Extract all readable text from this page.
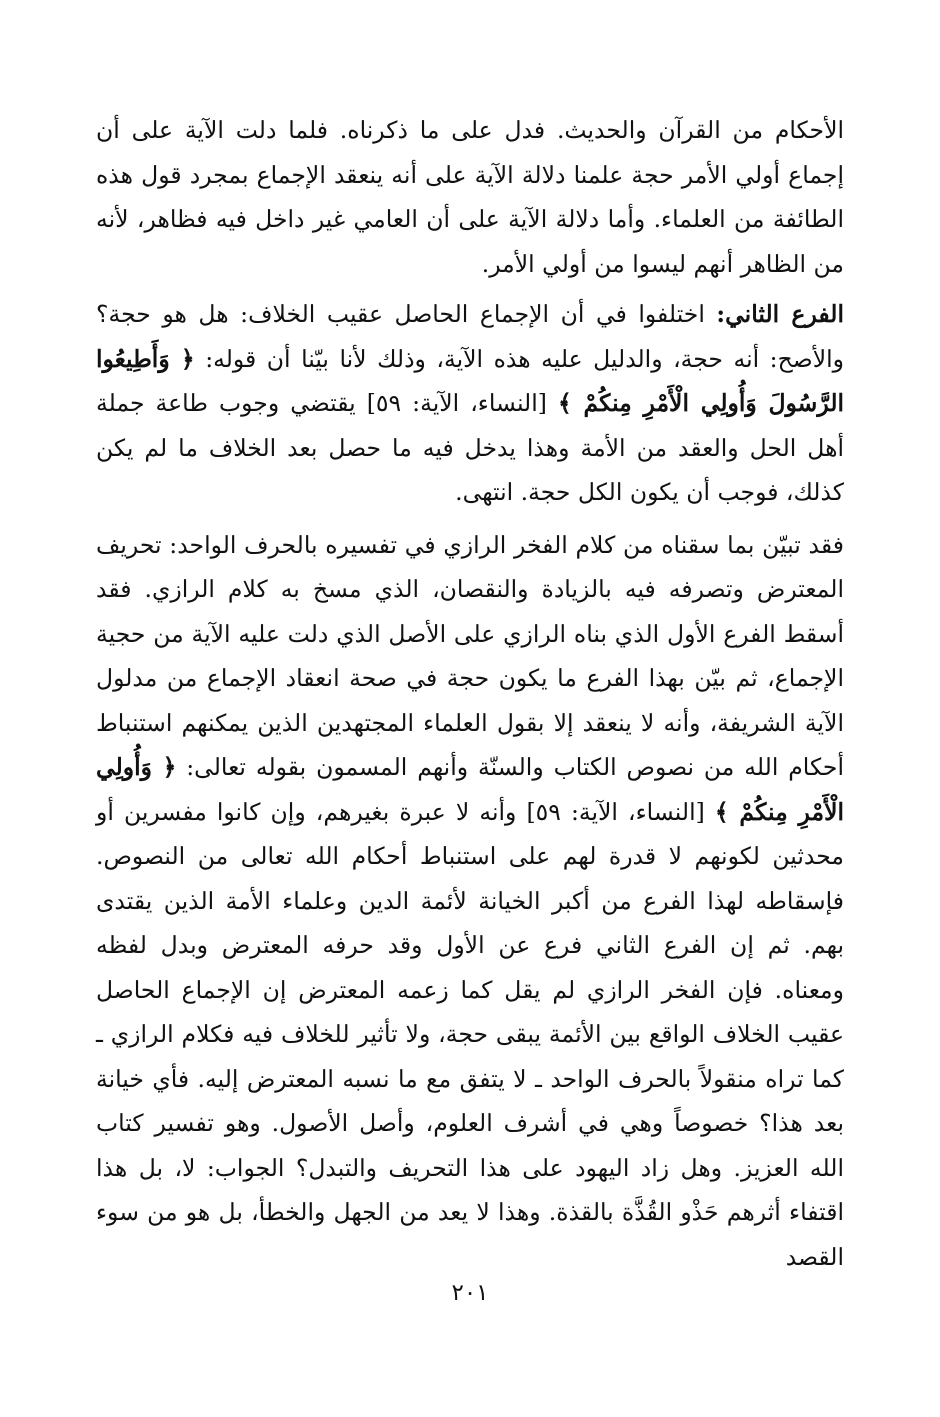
الأحكام من القرآن والحديث. فدل على ما ذكرناه. فلما دلت الآية على أن إجماع أولي الأمر حجة علمنا دلالة الآية على أنه ينعقد الإجماع بمجرد قول هذه الطائفة من العلماء. وأما دلالة الآية على أن العامي غير داخل فيه فظاهر، لأنه من الظاهر أنهم ليسوا من أولي الأمر.

الفرع الثاني: اختلفوا في أن الإجماع الحاصل عقيب الخلاف: هل هو حجة؟ والأصح: أنه حجة، والدليل عليه هذه الآية، وذلك لأنا بيّنا أن قوله: ﴿ وَأَطِيعُوا الرَّسُولَ وَأُولِي الْأَمْرِ مِنكُمْ ﴾ [النساء، الآية: ٥٩] يقتضي وجوب طاعة جملة أهل الحل والعقد من الأمة وهذا يدخل فيه ما حصل بعد الخلاف ما لم يكن كذلك، فوجب أن يكون الكل حجة. انتهى.

فقد تبيّن بما سقناه من كلام الفخر الرازي في تفسيره بالحرف الواحد: تحريف المعترض وتصرفه فيه بالزيادة والنقصان، الذي مسخ به كلام الرازي. فقد أسقط الفرع الأول الذي بناه الرازي على الأصل الذي دلت عليه الآية من حجية الإجماع، ثم بيّن بهذا الفرع ما يكون حجة في صحة انعقاد الإجماع من مدلول الآية الشريفة، وأنه لا ينعقد إلا بقول العلماء المجتهدين الذين يمكنهم استنباط أحكام الله من نصوص الكتاب والسنّة وأنهم المسمون بقوله تعالى: ﴿ وَأُولِي الْأَمْرِ مِنكُمْ ﴾ [النساء، الآية: ٥٩] وأنه لا عبرة بغيرهم، وإن كانوا مفسرين أو محدثين لكونهم لا قدرة لهم على استنباط أحكام الله تعالى من النصوص. فإسقاطه لهذا الفرع من أكبر الخيانة لأئمة الدين وعلماء الأمة الذين يقتدى بهم. ثم إن الفرع الثاني فرع عن الأول وقد حرفه المعترض وبدل لفظه ومعناه. فإن الفخر الرازي لم يقل كما زعمه المعترض إن الإجماع الحاصل عقيب الخلاف الواقع بين الأئمة يبقى حجة، ولا تأثير للخلاف فيه فكلام الرازي ـ كما تراه منقولاً بالحرف الواحد ـ لا يتفق مع ما نسبه المعترض إليه. فأي خيانة بعد هذا؟ خصوصاً وهي في أشرف العلوم، وأصل الأصول. وهو تفسير كتاب الله العزيز. وهل زاد اليهود على هذا التحريف والتبدل؟ الجواب: لا، بل هذا اقتفاء أثرهم حَذْو القُذَّة بالقذة. وهذا لا يعد من الجهل والخطأ، بل هو من سوء القصد

٢٠١
